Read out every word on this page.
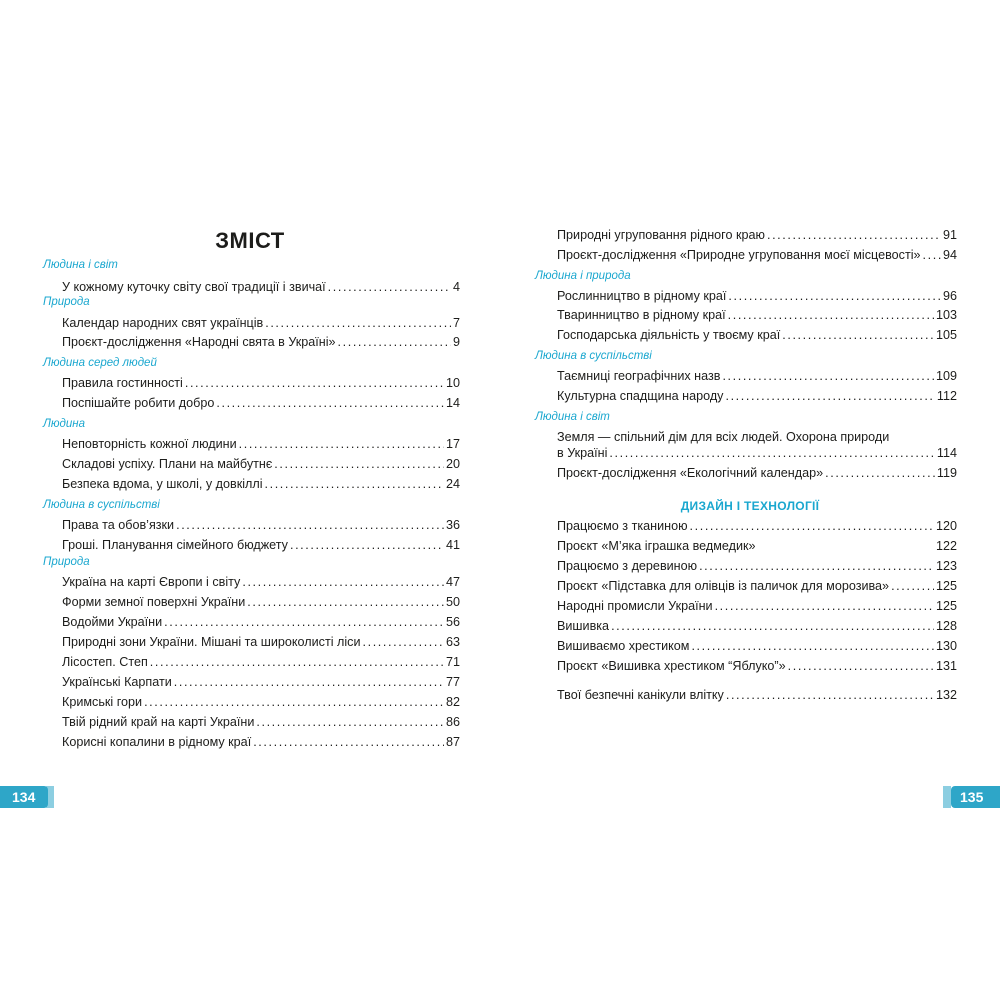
ЗМІСТ
Людина і світ
У кожному куточку світу свої традиції і звичаї .....	4
Природа
Календар народних свят українців .....	7
Проєкт-дослідження «Народні свята в Україні» .....	9
Людина серед людей
Правила гостинності .....	10
Поспішайте робити добро .....	14
Людина
Неповторність кожної людини .....	17
Складові успіху. Плани на майбутнє .....	20
Безпека вдома, у школі, у довкіллі .....	24
Людина в суспільстві
Права та обов’язки .....	36
Гроші. Планування сімейного бюджету .....	41
Природа
Україна на карті Європи і світу .....	47
Форми земної поверхні України .....	50
Водойми України .....	56
Природні зони України. Мішані та широколисті ліси .....	63
Лісостеп. Степ .....	71
Українські Карпати .....	77
Кримські гори .....	82
Твій рідний край на карті України .....	86
Корисні копалини в рідному краї .....	87
Природні угруповання рідного краю .....	91
Проєкт-дослідження «Природне угруповання моєї місцевості» ..... 94
Людина і природа
Рослинництво в рідному краї .....	96
Тваринництво в рідному краї .....	103
Господарська діяльність у твоєму краї .....	105
Людина в суспільстві
Таємниці географічних назв .....	109
Культурна спадщина народу .....	112
Людина і світ
Земля — спільний дім для всіх людей. Охорона природи
в Україні .....	114
Проєкт-дослідження «Екологічний календар» .....	119
ДИЗАЙН І ТЕХНОЛОГІЇ
Працюємо з тканиною .....	120
Проєкт «М’яка іграшка ведмедик»	122
Працюємо з деревиною .....	123
Проєкт «Підставка для олівців із паличок для морозива» .....	125
Народні промисли України .....	125
Вишивка .....	128
Вишиваємо хрестиком .....	130
Проєкт «Вишивка хрестиком “Яблуко”» .....	131
Твої безпечні канікули влітку .....	132
134	135
